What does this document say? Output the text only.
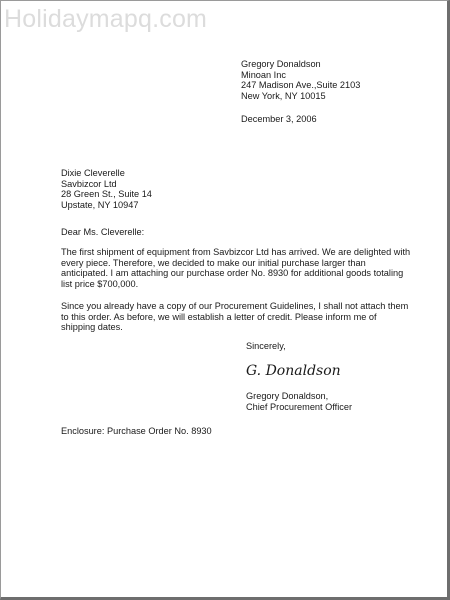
Holidaymapq.com
Gregory Donaldson
Minoan Inc
247 Madison Ave.,Suite 2103
New York, NY 10015
December 3, 2006
Dixie Cleverelle
Savbizcor Ltd
28 Green St., Suite 14
Upstate, NY 10947
Dear Ms. Cleverelle:
The first shipment of equipment from Savbizcor Ltd has arrived. We are delighted with every piece. Therefore, we decided to make our initial purchase larger than anticipated. I am attaching our purchase order No. 8930 for additional goods totaling list price $700,000.
Since you already have a copy of our Procurement Guidelines, I shall not attach them to this order. As before, we will establish a letter of credit. Please inform me of shipping dates.
Sincerely,
G. Donaldson
Gregory Donaldson,
Chief Procurement Officer
Enclosure: Purchase Order No. 8930
